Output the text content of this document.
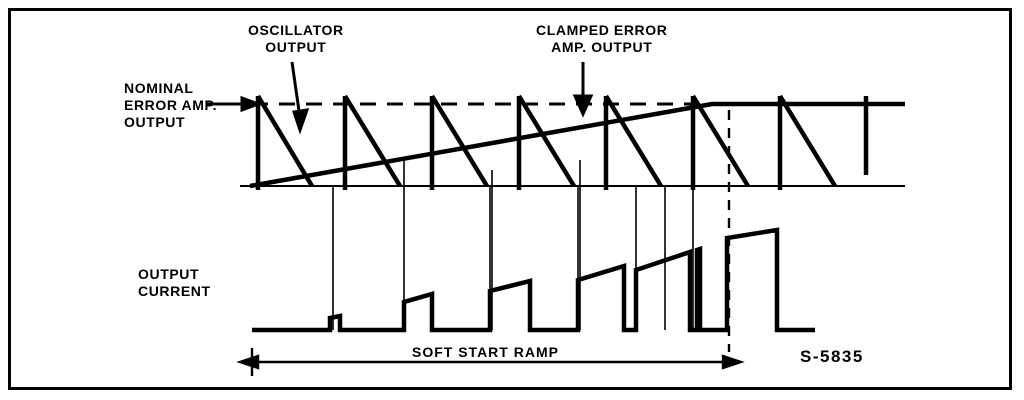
OSCILLATOR
OUTPUT
CLAMPED ERROR
AMP. OUTPUT
NOMINAL
ERROR AMP.
OUTPUT
OUTPUT
CURRENT
SOFT START RAMP	S-5835
